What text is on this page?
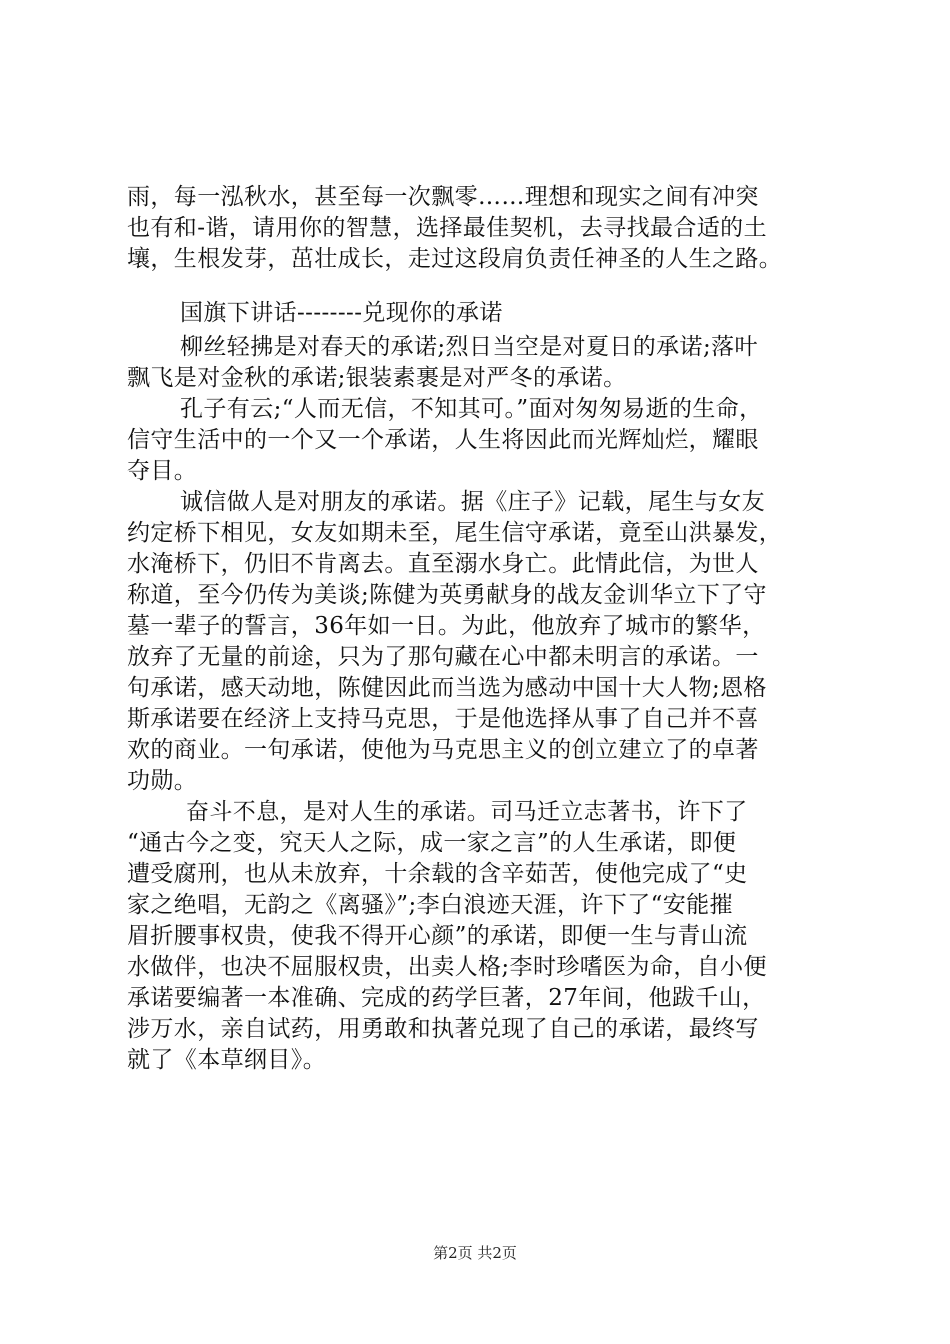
雨，每一泓秋水，甚至每一次飘零……理想和现实之间有冲突
也有和-谐，请用你的智慧，选择最佳契机，去寻找最合适的土
壤，生根发芽，茁壮成长，走过这段肩负责任神圣的人生之路。
国旗下讲话--------兑现你的承诺
柳丝轻拂是对春天的承诺;烈日当空是对夏日的承诺;落叶
飘飞是对金秋的承诺;银装素裹是对严冬的承诺。
孔子有云;“人而无信，不知其可。”面对匆匆易逝的生命，
信守生活中的一个又一个承诺，人生将因此而光辉灿烂，耀眼
夺目。
诚信做人是对朋友的承诺。据《庄子》记载，尾生与女友
约定桥下相见，女友如期未至，尾生信守承诺，竟至山洪暴发，
水淹桥下，仍旧不肯离去。直至溺水身亡。此情此信，为世人
称道，至今仍传为美谈;陈健为英勇献身的战友金训华立下了守
墓一辈子的誓言，36年如一日。为此，他放弃了城市的繁华，
放弃了无量的前途，只为了那句藏在心中都未明言的承诺。一
句承诺，感天动地，陈健因此而当选为感动中国十大人物;恩格
斯承诺要在经济上支持马克思，于是他选择从事了自己并不喜
欢的商业。一句承诺，使他为马克思主义的创立建立了的卓著
功勋。
奋斗不息，是对人生的承诺。司马迁立志著书，许下了
“通古今之变，究天人之际，成一家之言”的人生承诺，即便
遭受腐刑，也从未放弃，十余载的含辛茹苦，使他完成了“史
家之绝唱，无韵之《离骚》”;李白浪迹天涯，许下了“安能摧
眉折腰事权贵，使我不得开心颜”的承诺，即便一生与青山流
水做伴，也决不屈服权贵，出卖人格;李时珍嗜医为命，自小便
承诺要编著一本准确、完成的药学巨著，27年间，他跋千山，
涉万水，亲自试药，用勇敢和执著兑现了自己的承诺，最终写
就了《本草纲目》。
第2页 共2页
